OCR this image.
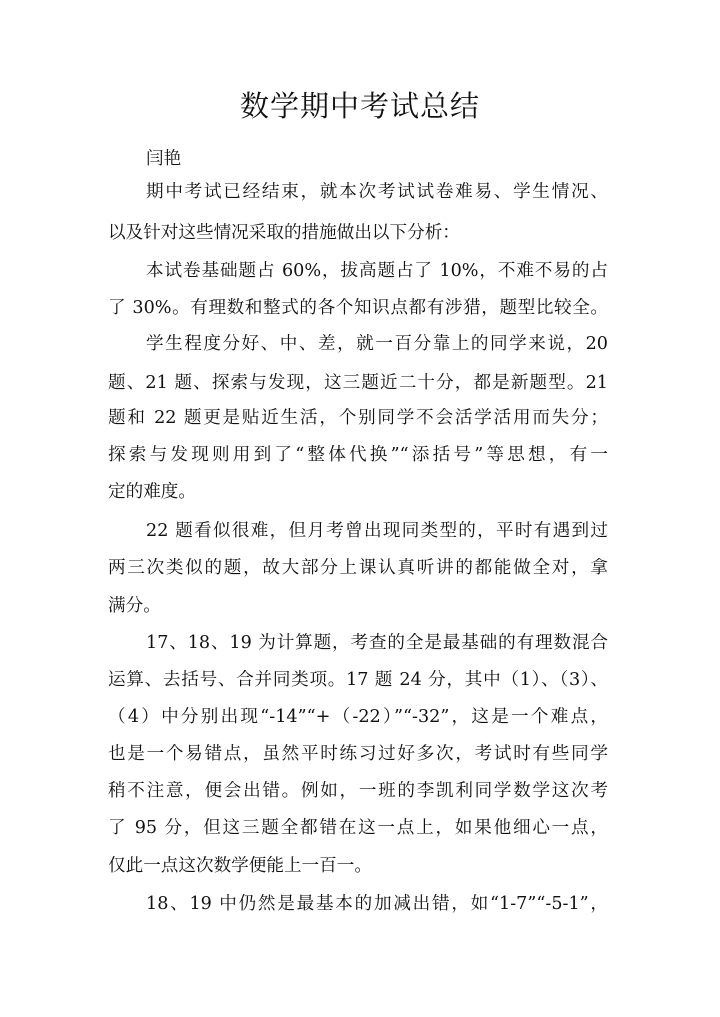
数学期中考试总结
闫艳
期中考试已经结束，就本次考试试卷难易、学生情况、
以及针对这些情况采取的措施做出以下分析：
本试卷基础题占 60%，拔高题占了 10%，不难不易的占
了 30%。有理数和整式的各个知识点都有涉猎，题型比较全。
学生程度分好、中、差，就一百分靠上的同学来说，20
题、21 题、探索与发现，这三题近二十分，都是新题型。21
题和 22 题更是贴近生活，个别同学不会活学活用而失分；
探索与发现则用到了“整体代换”“添括号”等思想，有一
定的难度。
22 题看似很难，但月考曾出现同类型的，平时有遇到过
两三次类似的题，故大部分上课认真听讲的都能做全对，拿
满分。
17、18、19 为计算题，考查的全是最基础的有理数混合
运算、去括号、合并同类项。17 题 24 分，其中（1）、（3）、
（4）中分别出现“-14”“+（-22）”“-32”，这是一个难点，
也是一个易错点，虽然平时练习过好多次，考试时有些同学
稍不注意，便会出错。例如，一班的李凯利同学数学这次考
了 95 分，但这三题全都错在这一点上，如果他细心一点，
仅此一点这次数学便能上一百一。
18、19 中仍然是最基本的加减出错，如“1-7”“-5-1”，
